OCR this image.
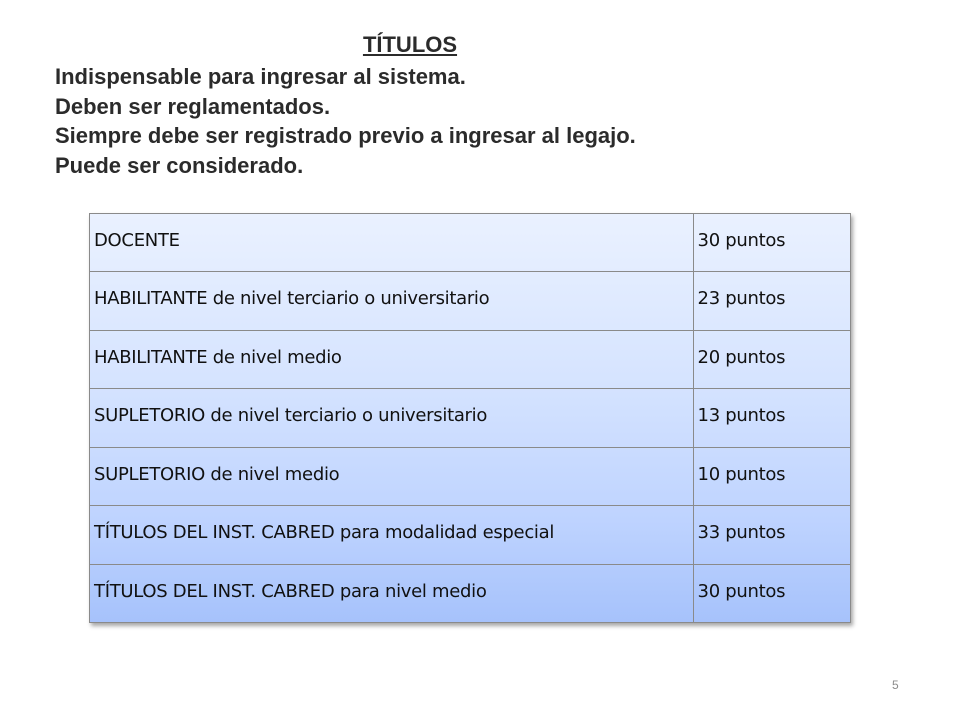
TÍTULOS
Indispensable para ingresar al sistema.
Deben ser reglamentados.
Siempre debe ser registrado previo a ingresar al legajo.
Puede ser considerado.
DOCENTE	30 puntos
HABILITANTE de nivel terciario o universitario	23 puntos
HABILITANTE de nivel medio	20 puntos
SUPLETORIO de nivel terciario o universitario	13 puntos
SUPLETORIO de nivel medio	10 puntos
TÍTULOS DEL INST. CABRED para modalidad especial	33 puntos
TÍTULOS DEL INST. CABRED para nivel medio	30 puntos
5
